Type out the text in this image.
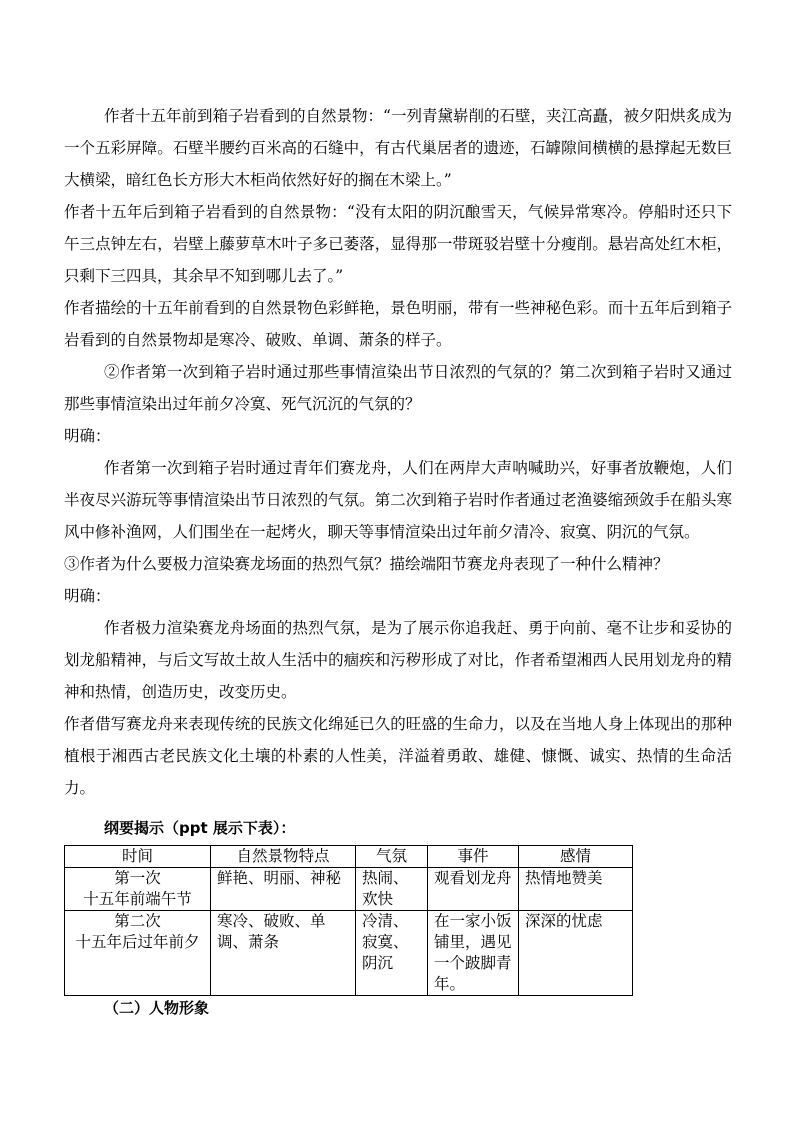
作者十五年前到箱子岩看到的自然景物：“一列青黛崭削的石壁，夹江高矗，被夕阳烘炙成为一个五彩屏障。石壁半腰约百米高的石缝中，有古代巢居者的遗迹，石罅隙间横横的悬撑起无数巨大横梁，暗红色长方形大木柜尚依然好好的搁在木梁上。”

作者十五年后到箱子岩看到的自然景物：“没有太阳的阴沉酿雪天，气候异常寒冷。停船时还只下午三点钟左右，岩壁上藤萝草木叶子多已萎落，显得那一带斑驳岩壁十分瘦削。悬岩高处红木柜，只剩下三四具，其余早不知到哪儿去了。”

作者描绘的十五年前看到的自然景物色彩鲜艳，景色明丽，带有一些神秘色彩。而十五年后到箱子岩看到的自然景物却是寒冷、破败、单调、萧条的样子。

②作者第一次到箱子岩时通过那些事情渲染出节日浓烈的气氛的？第二次到箱子岩时又通过那些事情渲染出过年前夕冷寞、死气沉沉的气氛的？

明确：

作者第一次到箱子岩时通过青年们赛龙舟，人们在两岸大声呐喊助兴，好事者放鞭炮，人们半夜尽兴游玩等事情渲染出节日浓烈的气氛。第二次到箱子岩时作者通过老渔婆缩颈敛手在船头寒风中修补渔网，人们围坐在一起烤火，聊天等事情渲染出过年前夕清冷、寂寞、阴沉的气氛。

③作者为什么要极力渲染赛龙场面的热烈气氛？描绘端阳节赛龙舟表现了一种什么精神？

明确：

作者极力渲染赛龙舟场面的热烈气氛，是为了展示你追我赶、勇于向前、毫不让步和妥协的划龙船精神，与后文写故土故人生活中的痼疾和污秽形成了对比，作者希望湘西人民用划龙舟的精神和热情，创造历史，改变历史。

作者借写赛龙舟来表现传统的民族文化绵延已久的旺盛的生命力，以及在当地人身上体现出的那种植根于湘西古老民族文化土壤的朴素的人性美，洋溢着勇敢、雄健、慷慨、诚实、热情的生命活力。

纲要揭示（ppt 展示下表）：
时间	自然景物特点	气氛	事件	感情
第一次
十五年前端午节	鲜艳、明丽、神秘	热闹、欢快	观看划龙舟	热情地赞美
第二次
十五年后过年前夕	寒冷、破败、单调、萧条	冷清、寂寞、阴沉	在一家小饭铺里，遇见一个跛脚青年。	深深的忧虑
（二）人物形象
